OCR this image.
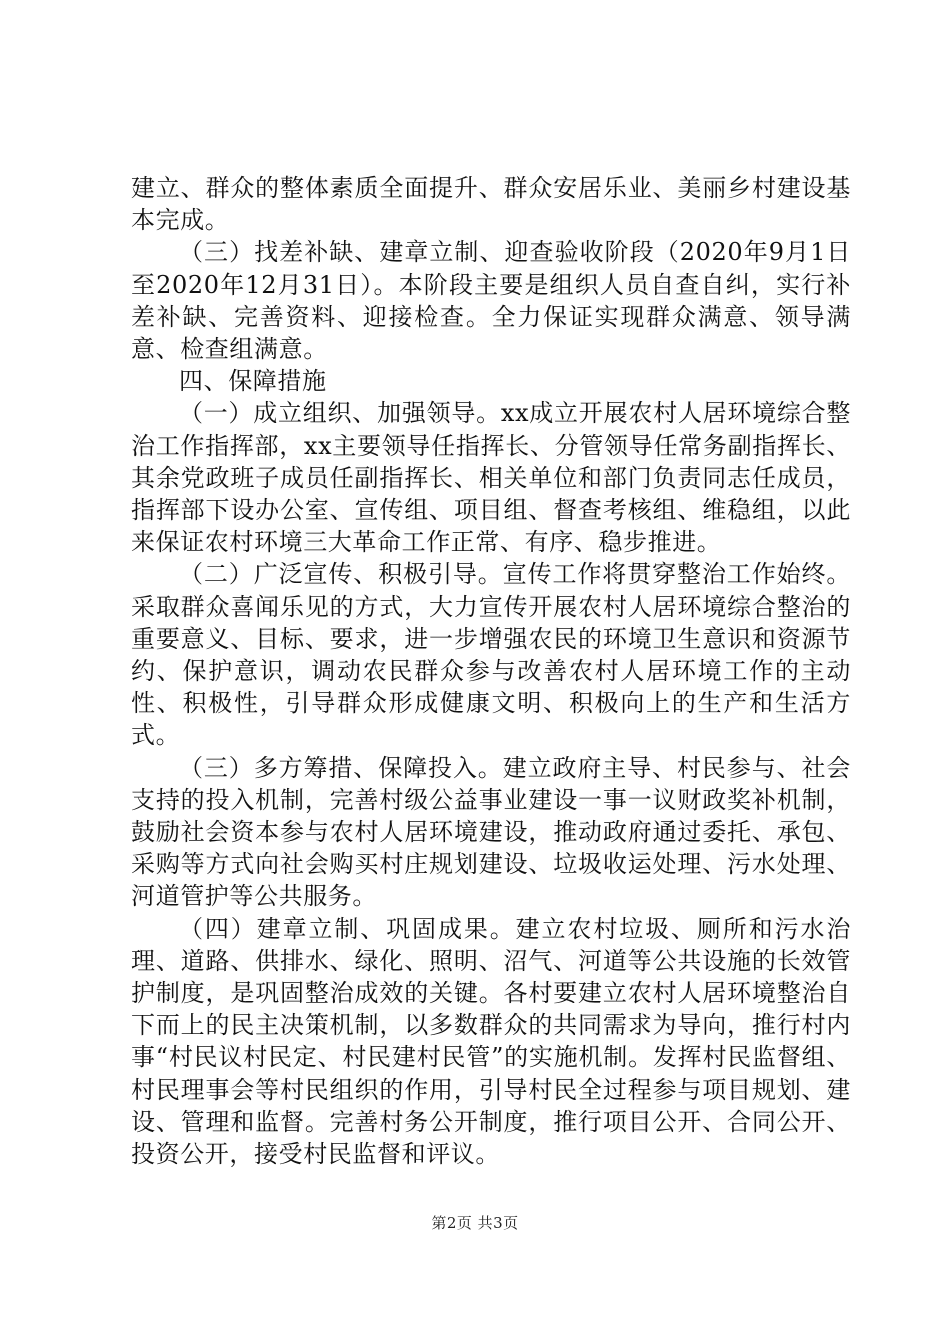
建立、群众的整体素质全面提升、群众安居乐业、美丽乡村建设基本完成。

（三）找差补缺、建章立制、迎查验收阶段（2020年9月1日至2020年12月31日）。本阶段主要是组织人员自查自纠，实行补差补缺、完善资料、迎接检查。全力保证实现群众满意、领导满意、检查组满意。

四、保障措施

（一）成立组织、加强领导。xx成立开展农村人居环境综合整治工作指挥部，xx主要领导任指挥长、分管领导任常务副指挥长、其余党政班子成员任副指挥长、相关单位和部门负责同志任成员，指挥部下设办公室、宣传组、项目组、督查考核组、维稳组，以此来保证农村环境三大革命工作正常、有序、稳步推进。

（二）广泛宣传、积极引导。宣传工作将贯穿整治工作始终。采取群众喜闻乐见的方式，大力宣传开展农村人居环境综合整治的重要意义、目标、要求，进一步增强农民的环境卫生意识和资源节约、保护意识，调动农民群众参与改善农村人居环境工作的主动性、积极性，引导群众形成健康文明、积极向上的生产和生活方式。

（三）多方筹措、保障投入。建立政府主导、村民参与、社会支持的投入机制，完善村级公益事业建设一事一议财政奖补机制，鼓励社会资本参与农村人居环境建设，推动政府通过委托、承包、采购等方式向社会购买村庄规划建设、垃圾收运处理、污水处理、河道管护等公共服务。

（四）建章立制、巩固成果。建立农村垃圾、厕所和污水治理、道路、供排水、绿化、照明、沼气、河道等公共设施的长效管护制度，是巩固整治成效的关键。各村要建立农村人居环境整治自下而上的民主决策机制，以多数群众的共同需求为导向，推行村内事“村民议村民定、村民建村民管”的实施机制。发挥村民监督组、村民理事会等村民组织的作用，引导村民全过程参与项目规划、建设、管理和监督。完善村务公开制度，推行项目公开、合同公开、投资公开，接受村民监督和评议。

第2页 共3页
